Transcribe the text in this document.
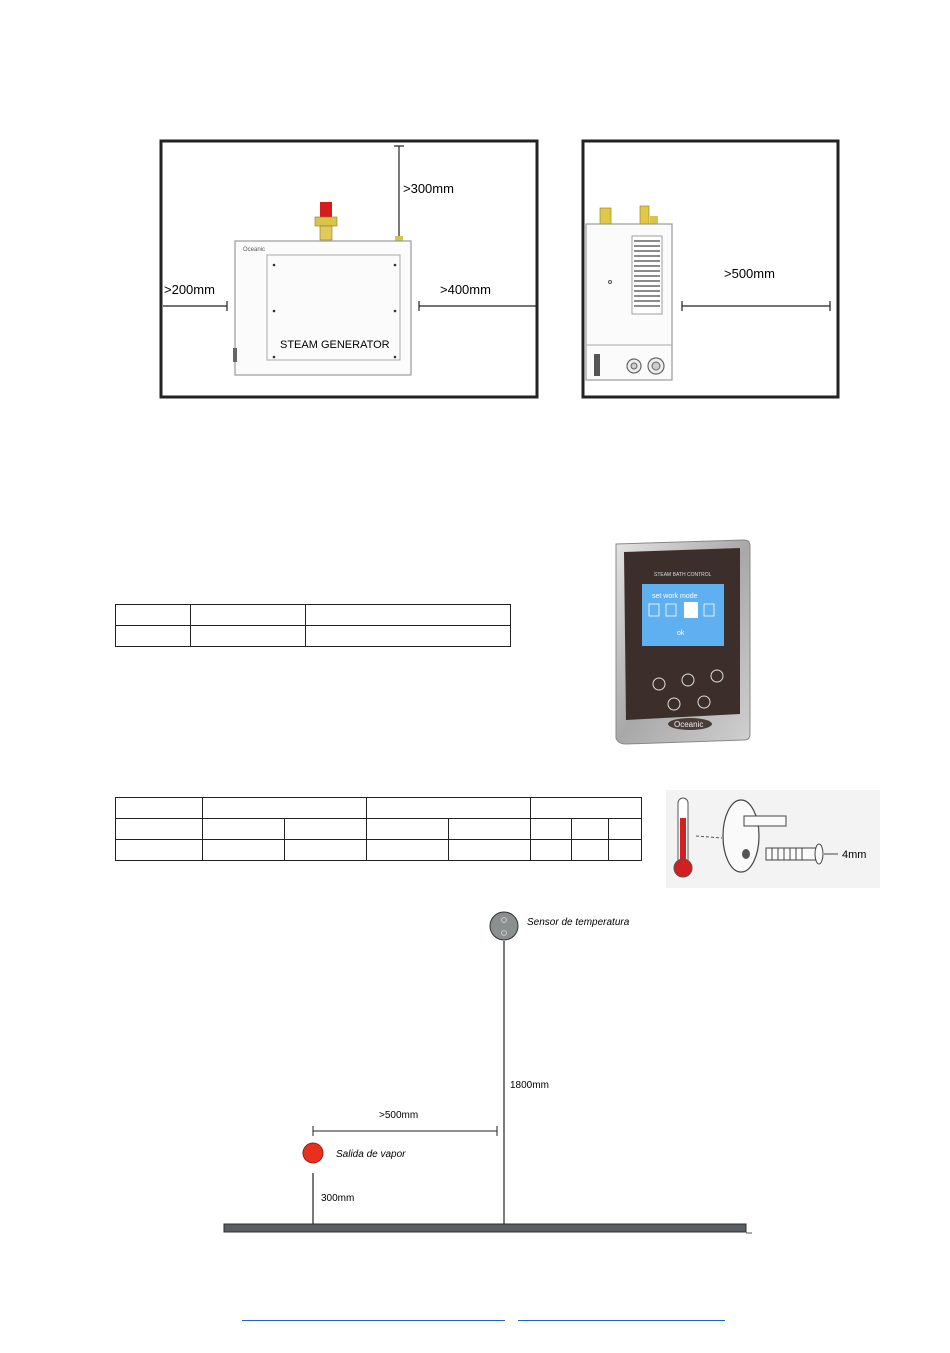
>300mm
Oceanic
STEAM GENERATOR
>200mm	>400mm
>500mm

STEAM BATH CONTROL
set work mode
ok
Oceanic

4mm
Sensor de temperatura
1800mm
>500mm
Salida de vapor
300mm
